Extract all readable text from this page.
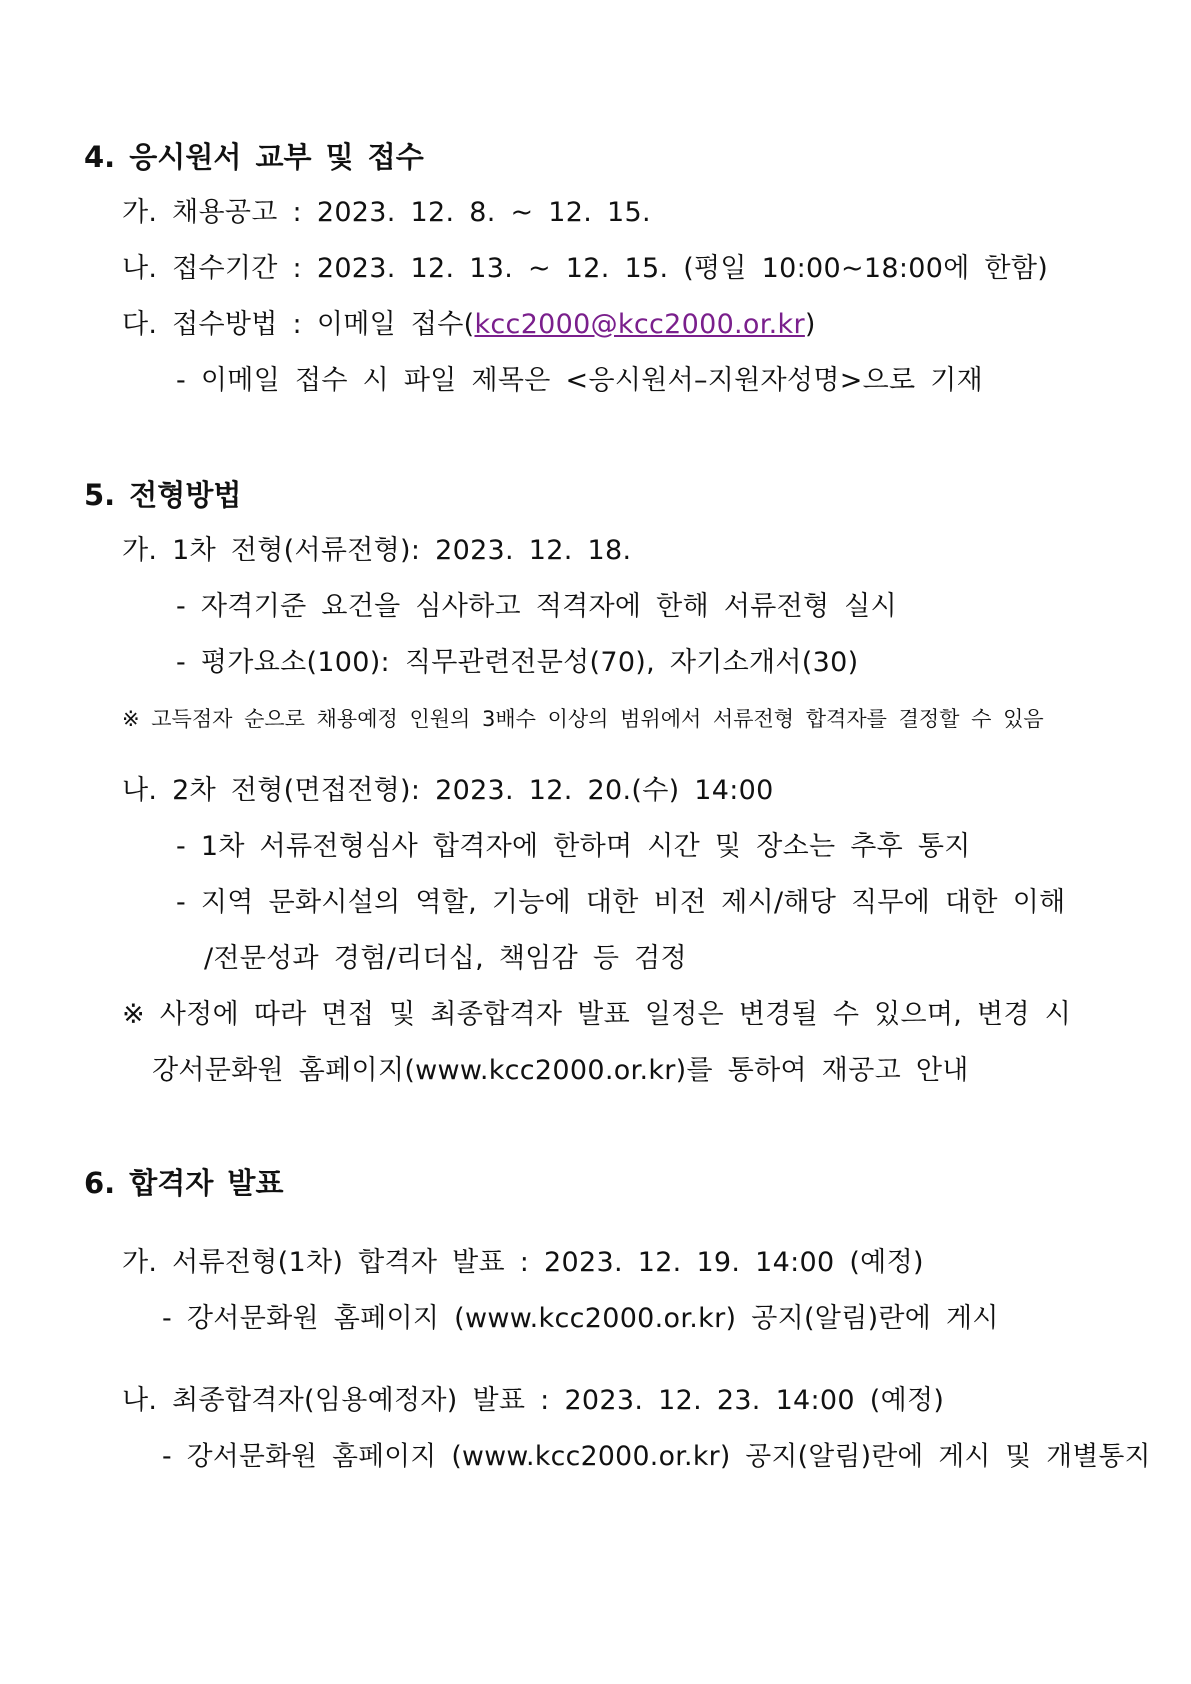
4. 응시원서 교부 및 접수
가. 채용공고 : 2023. 12. 8. ~ 12. 15.
나. 접수기간 : 2023. 12. 13. ~ 12. 15. (평일 10:00~18:00에 한함)
다. 접수방법 : 이메일 접수(kcc2000@kcc2000.or.kr)
- 이메일 접수 시 파일 제목은 <응시원서–지원자성명>으로 기재
5. 전형방법
가. 1차 전형(서류전형): 2023. 12. 18.
- 자격기준 요건을 심사하고 적격자에 한해 서류전형 실시
- 평가요소(100): 직무관련전문성(70), 자기소개서(30)
※ 고득점자 순으로 채용예정 인원의 3배수 이상의 범위에서 서류전형 합격자를 결정할 수 있음
나. 2차 전형(면접전형): 2023. 12. 20.(수) 14:00
- 1차 서류전형심사 합격자에 한하며 시간 및 장소는 추후 통지
- 지역 문화시설의 역할, 기능에 대한 비전 제시/해당 직무에 대한 이해
/전문성과 경험/리더십, 책임감 등 검정
※ 사정에 따라 면접 및 최종합격자 발표 일정은 변경될 수 있으며, 변경 시
강서문화원 홈페이지(www.kcc2000.or.kr)를 통하여 재공고 안내
6. 합격자 발표
가. 서류전형(1차) 합격자 발표 : 2023. 12. 19. 14:00 (예정)
- 강서문화원 홈페이지 (www.kcc2000.or.kr) 공지(알림)란에 게시
나. 최종합격자(임용예정자) 발표 : 2023. 12. 23. 14:00 (예정)
- 강서문화원 홈페이지 (www.kcc2000.or.kr) 공지(알림)란에 게시 및 개별통지
